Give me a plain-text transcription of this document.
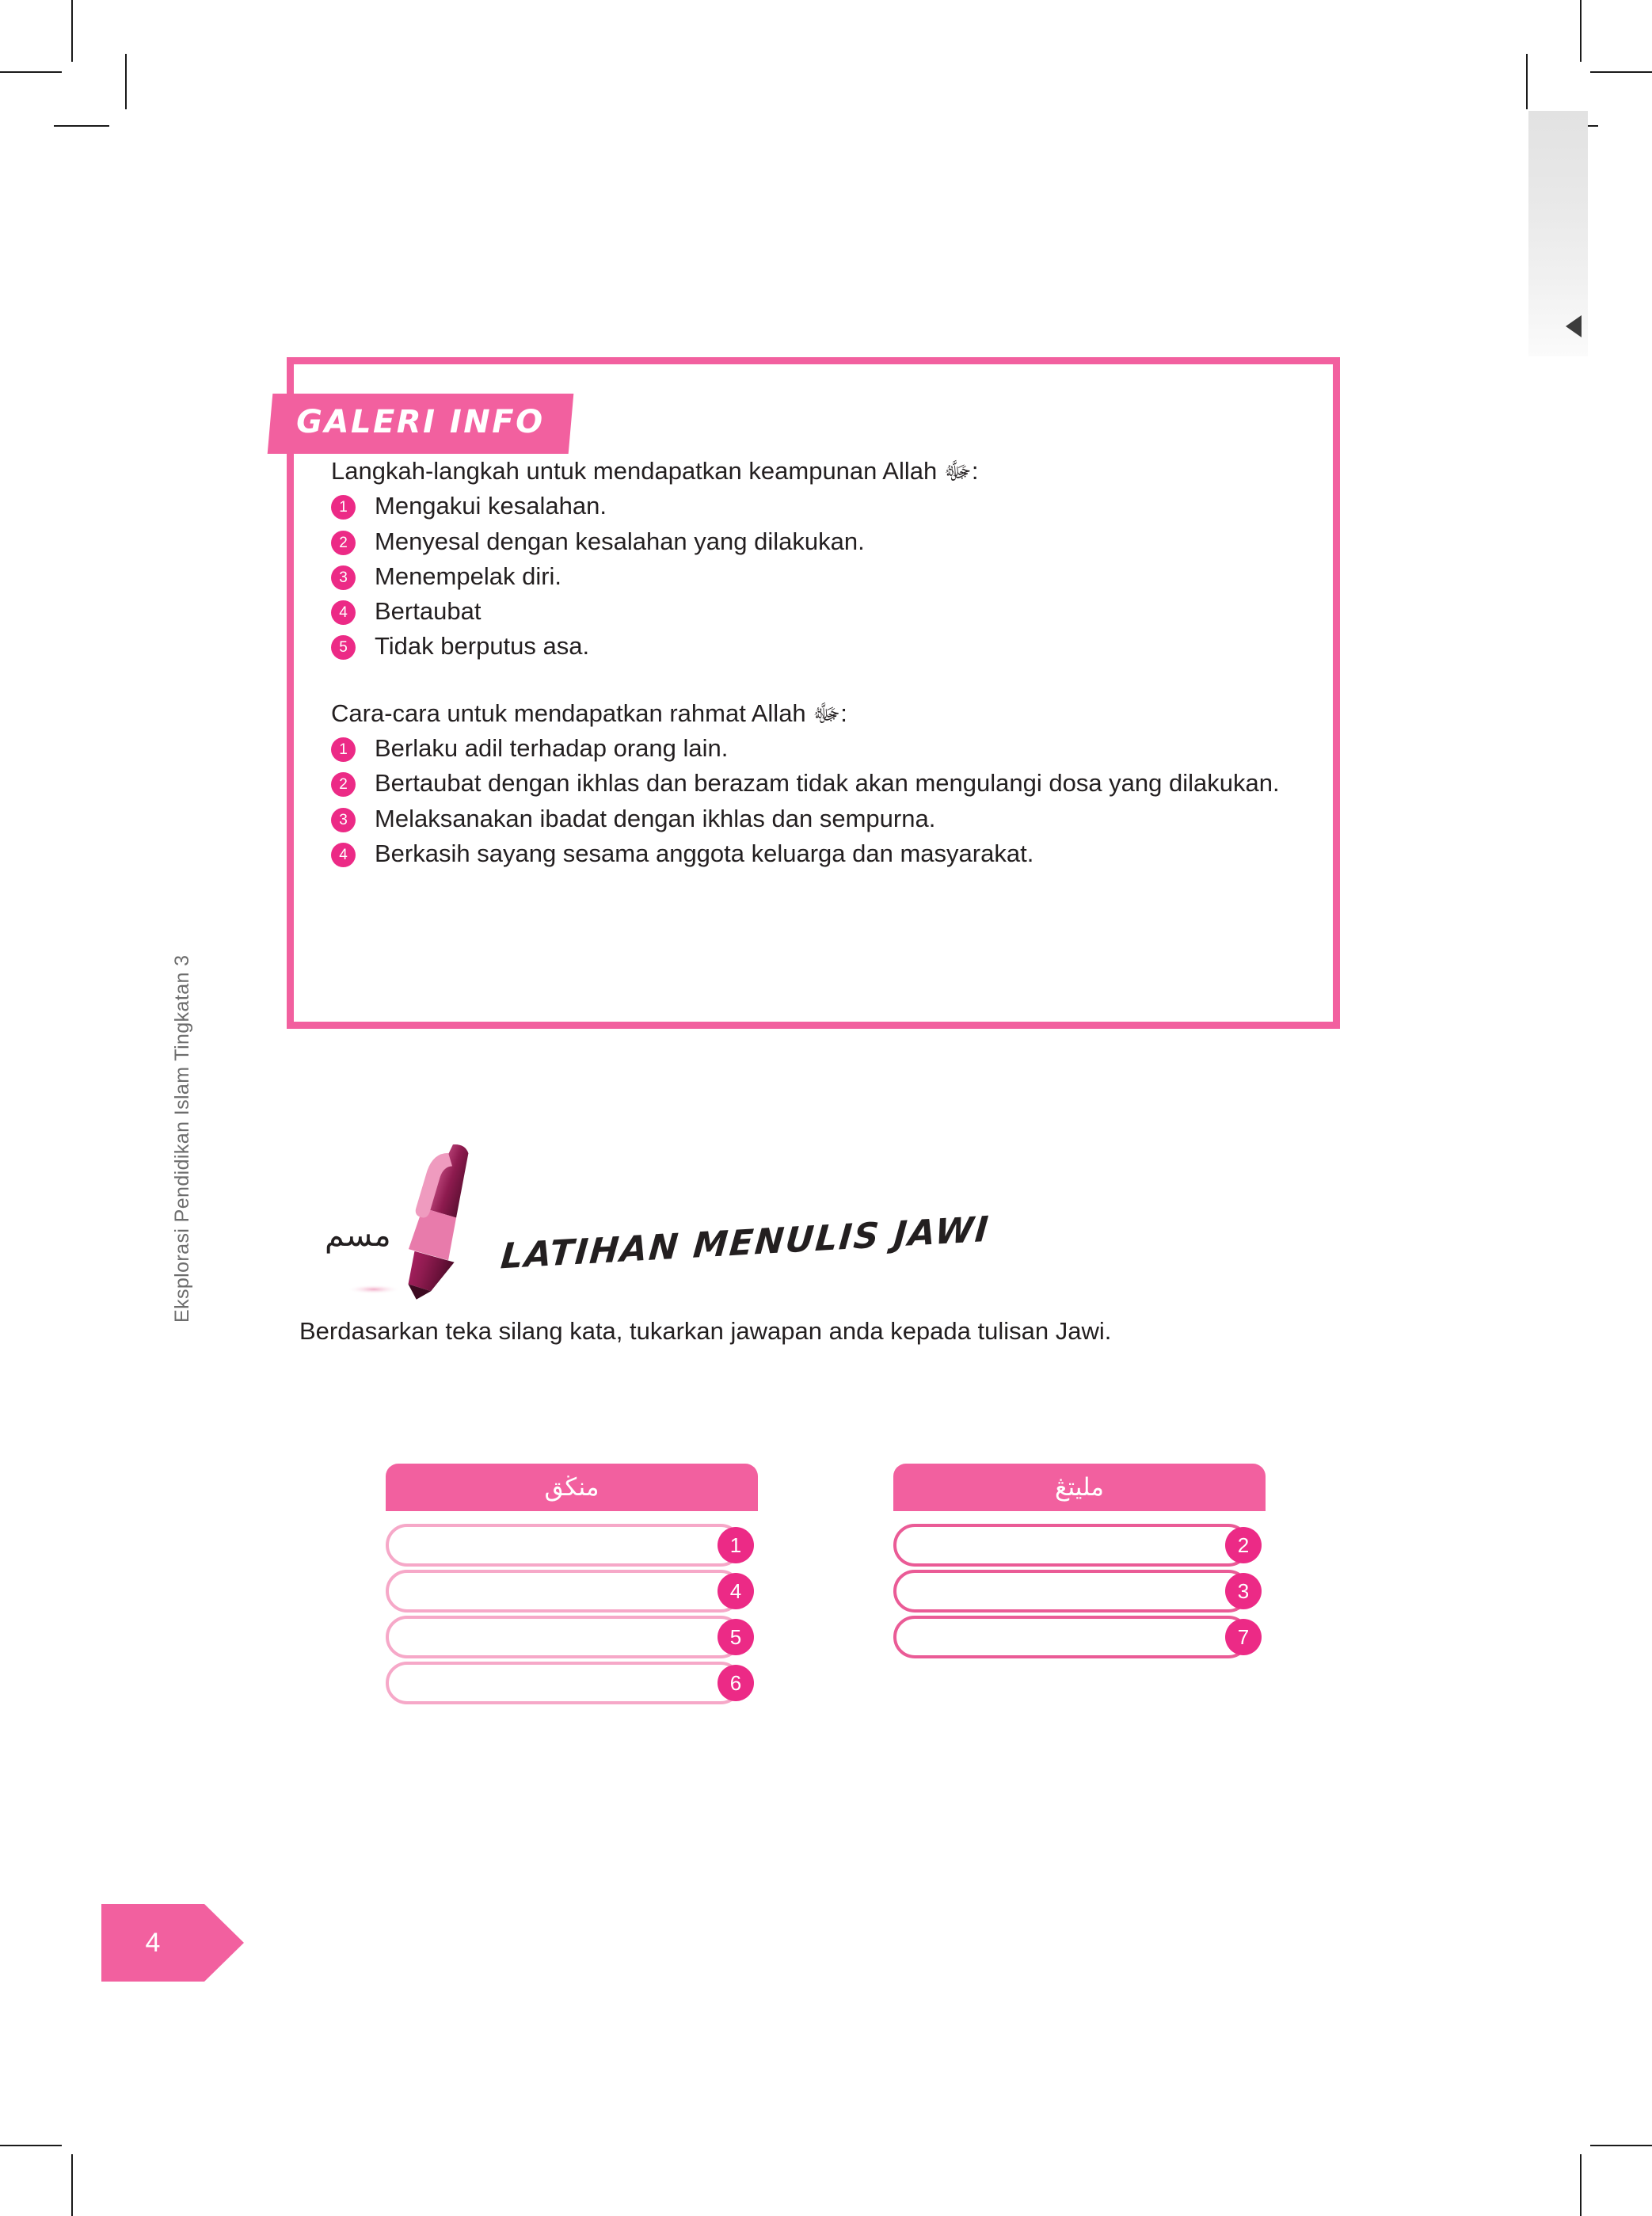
Eksplorasi Pendidikan Islam Tingkatan 3
GALERI INFO

Langkah-langkah untuk mendapatkan keampunan Allah ﷻ:

1	Mengakui kesalahan.
2	Menyesal dengan kesalahan yang dilakukan.
3	Menempelak diri.
4	Bertaubat
5	Tidak berputus asa.

Cara-cara untuk mendapatkan rahmat Allah ﷻ:

1	Berlaku adil terhadap orang lain.
2	Bertaubat dengan ikhlas dan berazam tidak akan mengulangi dosa yang dilakukan.
3	Melaksanakan ibadat dengan ikhlas dan sempurna.
4	Berkasih sayang sesama anggota keluarga dan masyarakat.
مسم	LATIHAN MENULIS JAWI
Berdasarkan teka silang kata, tukarkan jawapan anda kepada tulisan Jawi.
منڬق
1
4
5
6
مليتڠ
2
3
7
4
